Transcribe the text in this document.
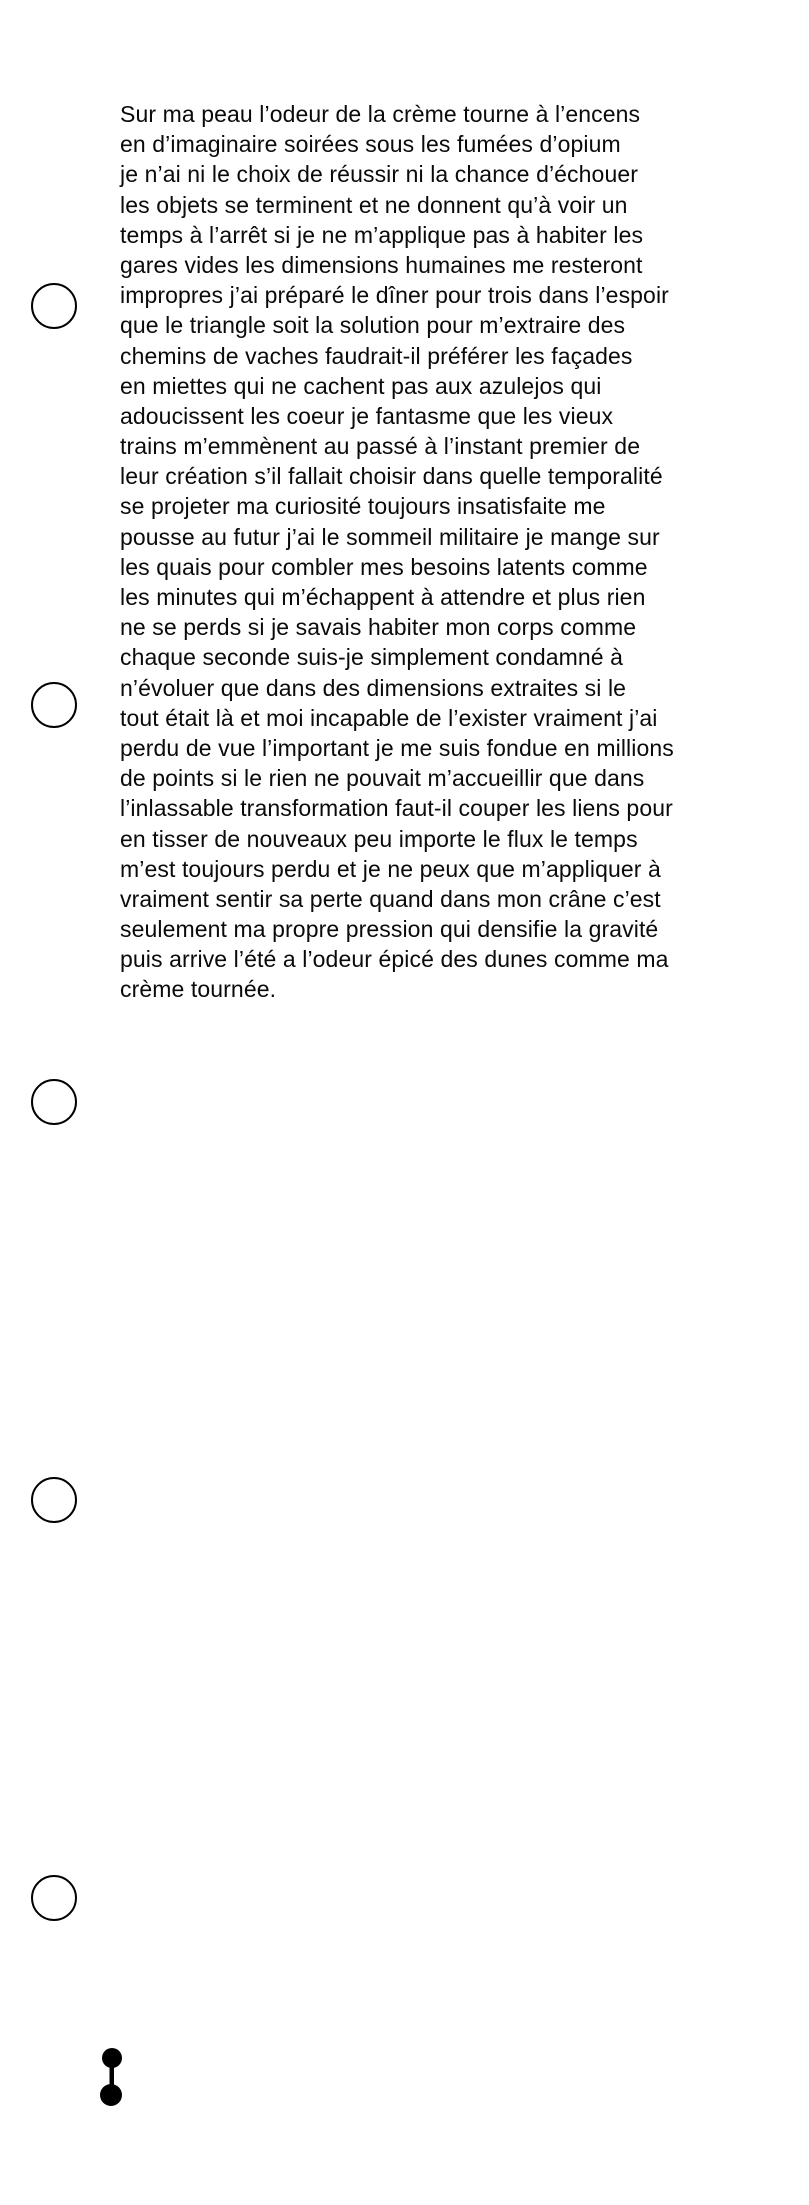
Sur ma peau l’odeur de la crème tourne à l’encens
en d’imaginaire soirées sous les fumées d’opium
je n’ai ni le choix de réussir ni la chance d’échouer
les objets se terminent et ne donnent qu’à voir un
temps à l’arrêt si je ne m’applique pas à habiter les
gares vides les dimensions humaines me resteront
impropres j’ai préparé le dîner pour trois dans l’espoir
que le triangle soit la solution pour m’extraire des
chemins de vaches faudrait-il préférer les façades
en miettes qui ne cachent pas aux azulejos qui
adoucissent les coeur je fantasme que les vieux
trains m’emmènent au passé à l’instant premier de
leur création s’il fallait choisir dans quelle temporalité
se projeter ma curiosité toujours insatisfaite me
pousse au futur j’ai le sommeil militaire je mange sur
les quais pour combler mes besoins latents comme
les minutes qui m’échappent à attendre et plus rien
ne se perds si je savais habiter mon corps comme
chaque seconde suis-je simplement condamné à
n’évoluer que dans des dimensions extraites si le
tout était là et moi incapable de l’exister vraiment j’ai
perdu de vue l’important je me suis fondue en millions
de points si le rien ne pouvait m’accueillir que dans
l’inlassable transformation faut-il couper les liens pour
en tisser de nouveaux peu importe le flux le temps
m’est toujours perdu et je ne peux que m’appliquer à
vraiment sentir sa perte quand dans mon crâne c’est
seulement ma propre pression qui densifie la gravité
puis arrive l’été a l’odeur épicé des dunes comme ma
crème tournée.
